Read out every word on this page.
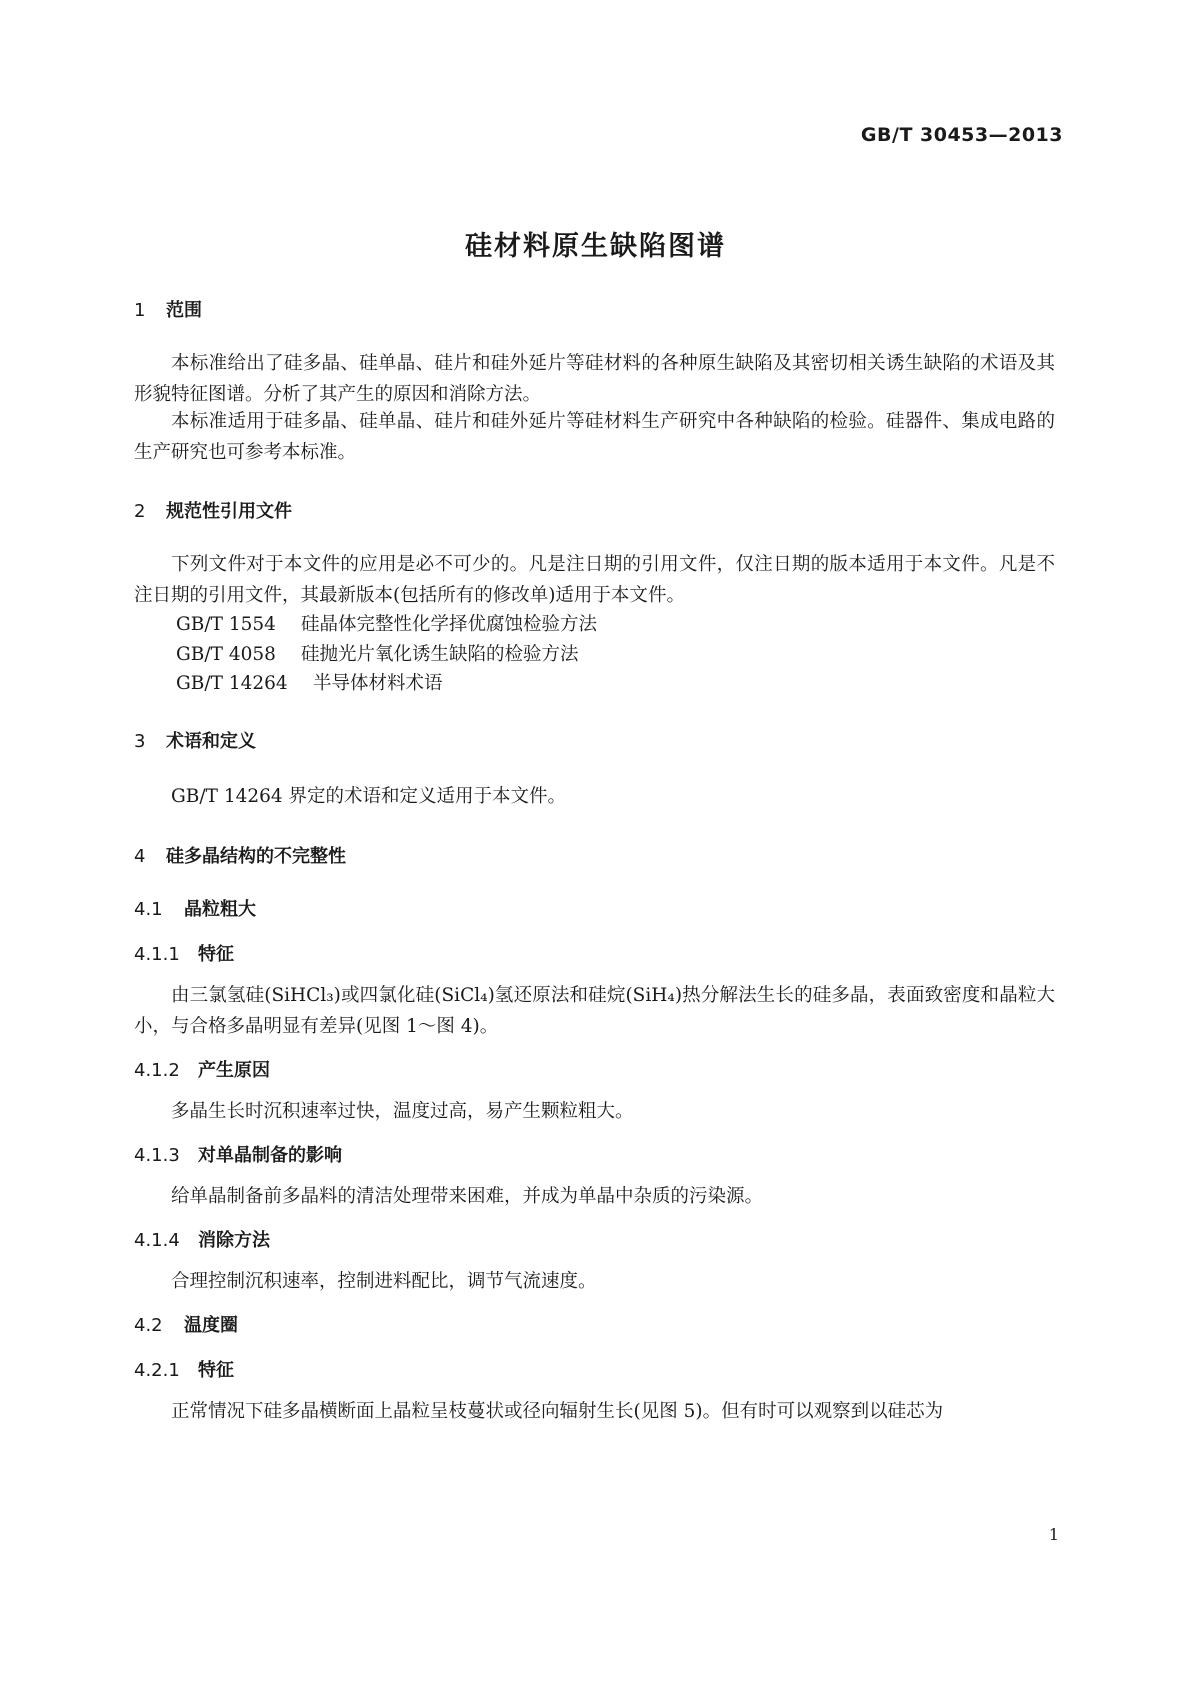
GB/T 30453—2013
硅材料原生缺陷图谱
1 范围
本标准给出了硅多晶、硅单晶、硅片和硅外延片等硅材料的各种原生缺陷及其密切相关诱生缺陷的术语及其形貌特征图谱。分析了其产生的原因和消除方法。
本标准适用于硅多晶、硅单晶、硅片和硅外延片等硅材料生产研究中各种缺陷的检验。硅器件、集成电路的生产研究也可参考本标准。
2 规范性引用文件
下列文件对于本文件的应用是必不可少的。凡是注日期的引用文件，仅注日期的版本适用于本文件。凡是不注日期的引用文件，其最新版本(包括所有的修改单)适用于本文件。
GB/T 1554 硅晶体完整性化学择优腐蚀检验方法
GB/T 4058 硅抛光片氧化诱生缺陷的检验方法
GB/T 14264 半导体材料术语
3 术语和定义
GB/T 14264 界定的术语和定义适用于本文件。
4 硅多晶结构的不完整性
4.1 晶粒粗大
4.1.1 特征
由三氯氢硅(SiHCl₃)或四氯化硅(SiCl₄)氢还原法和硅烷(SiH₄)热分解法生长的硅多晶，表面致密度和晶粒大小，与合格多晶明显有差异(见图 1～图 4)。
4.1.2 产生原因
多晶生长时沉积速率过快，温度过高，易产生颗粒粗大。
4.1.3 对单晶制备的影响
给单晶制备前多晶料的清洁处理带来困难，并成为单晶中杂质的污染源。
4.1.4 消除方法
合理控制沉积速率，控制进料配比，调节气流速度。
4.2 温度圈
4.2.1 特征
正常情况下硅多晶横断面上晶粒呈枝蔓状或径向辐射生长(见图 5)。但有时可以观察到以硅芯为
1
